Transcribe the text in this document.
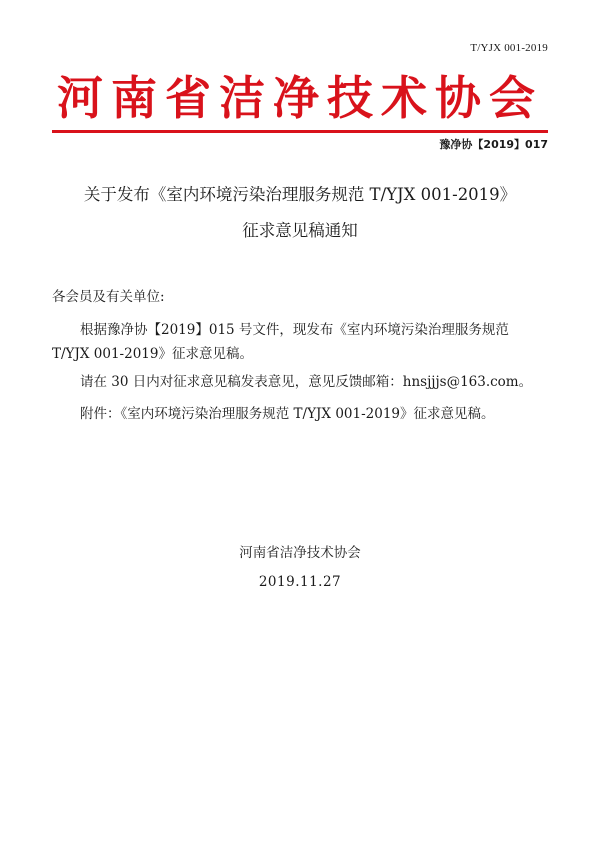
T/YJX 001-2019
河南省洁净技术协会
豫净协【2019】017
关于发布《室内环境污染治理服务规范 T/YJX 001-2019》
征求意见稿通知
各会员及有关单位:
根据豫净协【2019】015 号文件，现发布《室内环境污染治理服务规范
T/YJX 001-2019》征求意见稿。
请在 30 日内对征求意见稿发表意见，意见反馈邮箱：hnsjjjs@163.com。
附件：《室内环境污染治理服务规范 T/YJX 001-2019》征求意见稿。
河南省洁净技术协会
2019.11.27
